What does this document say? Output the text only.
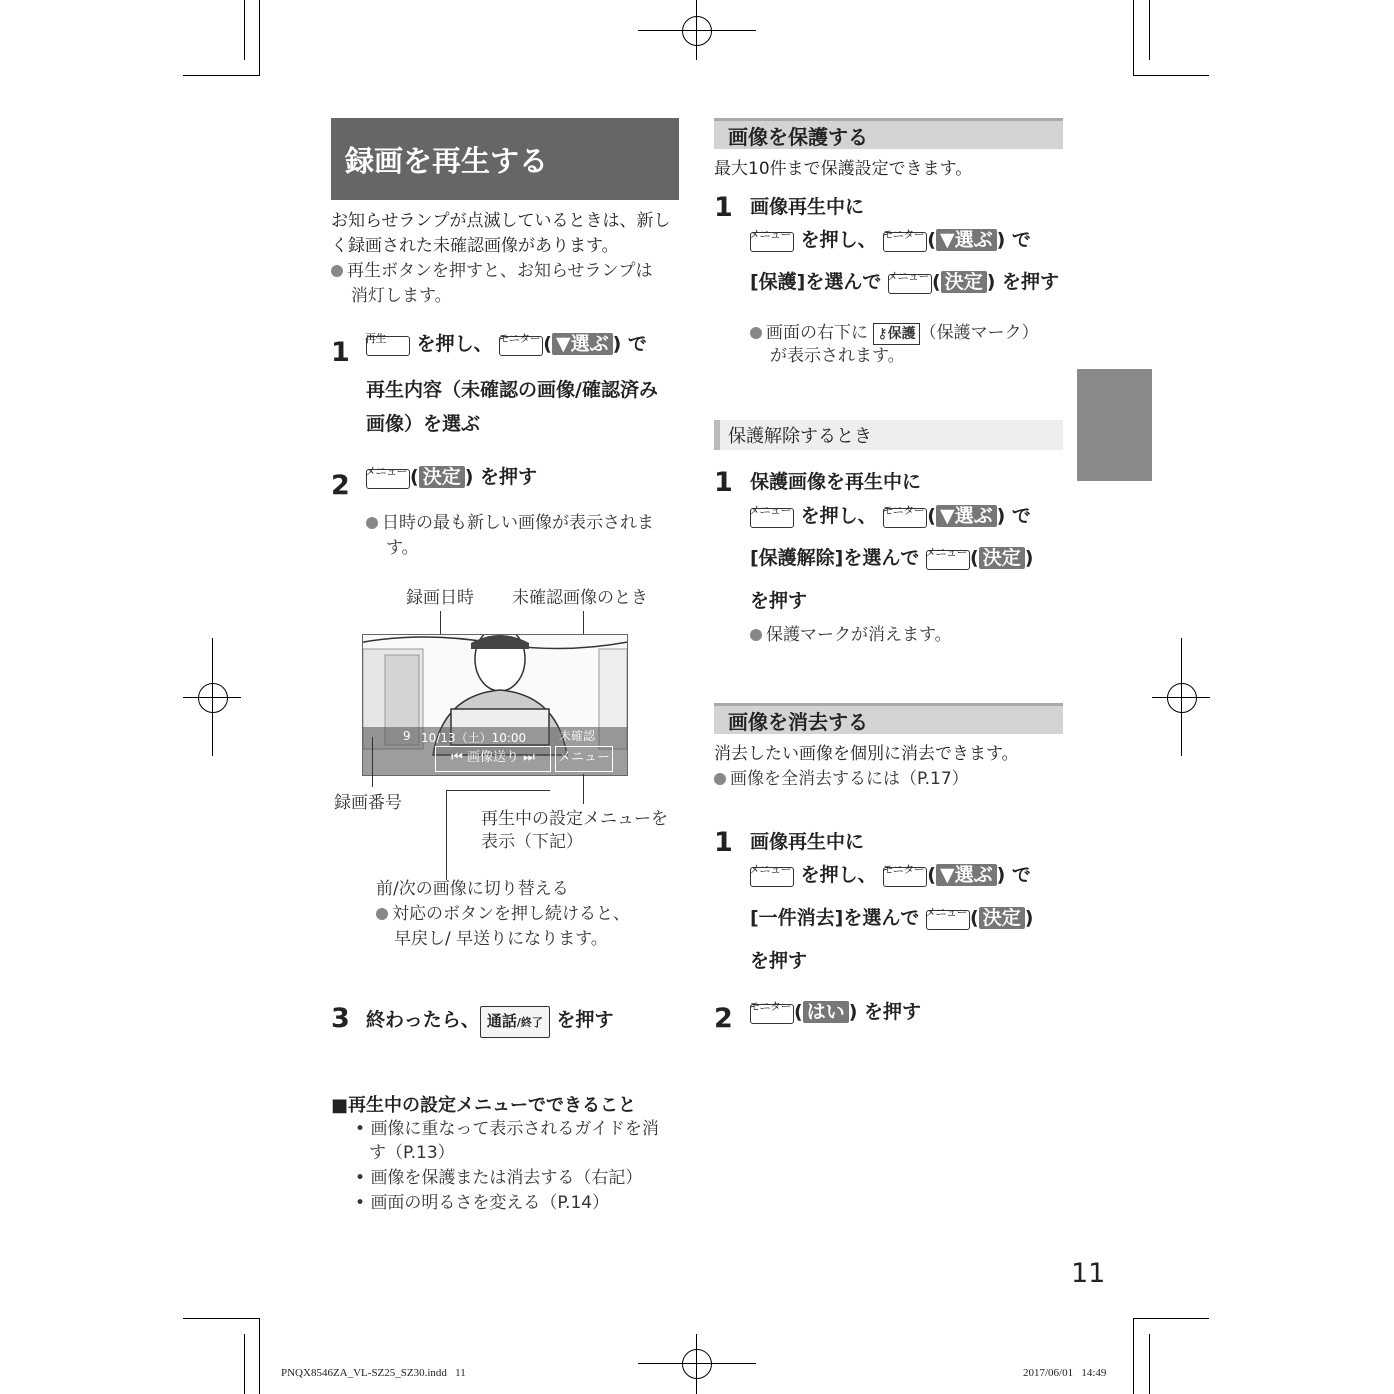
録画を再生する
お知らせランプが点滅しているときは、新し
く録画された未確認画像があります。
再生ボタンを押すと、お知らせランプは
消灯します。
1 再生 を押し、 モニター ( ▼選ぶ ) で
再生内容（未確認の画像/確認済み
画像）を選ぶ
2 メニュー ( 決定 ) を押す
日時の最も新しい画像が表示されま
す。
録画日時 未確認画像のとき
9 10/13（土）10:00	未確認
⏮ 画像送り ⏭	メニュー
録画番号
再生中の設定メニューを
表示（下記）
前/次の画像に切り替える
対応のボタンを押し続けると、
早戻し/ 早送りになります。
3 終わったら、 通話/終了 を押す
■再生中の設定メニューでできること
• 画像に重なって表示されるガイドを消
す（P.13）
• 画像を保護または消去する（右記）
• 画面の明るさを変える（P.14）
画像を保護する
最大10件まで保護設定できます。
1 画像再生中に
メニュー を押し、 モニター ( ▼選ぶ ) で
[保護]を選んで メニュー ( 決定 ) を押す
画面の右下に ⚷保護 （保護マーク）
が表示されます。
保護解除するとき
1 保護画像を再生中に
メニュー を押し、 モニター ( ▼選ぶ ) で
[保護解除]を選んで メニュー ( 決定 )
を押す
保護マークが消えます。
画像を消去する
消去したい画像を個別に消去できます。
画像を全消去するには（P.17）
1 画像再生中に
メニュー を押し、 モニター ( ▼選ぶ ) で
[一件消去]を選んで メニュー ( 決定 )
を押す
2 モニター ( はい ) を押す
11
PNQX8546ZA_VL-SZ25_SZ30.indd   11	2017/06/01   14:49
